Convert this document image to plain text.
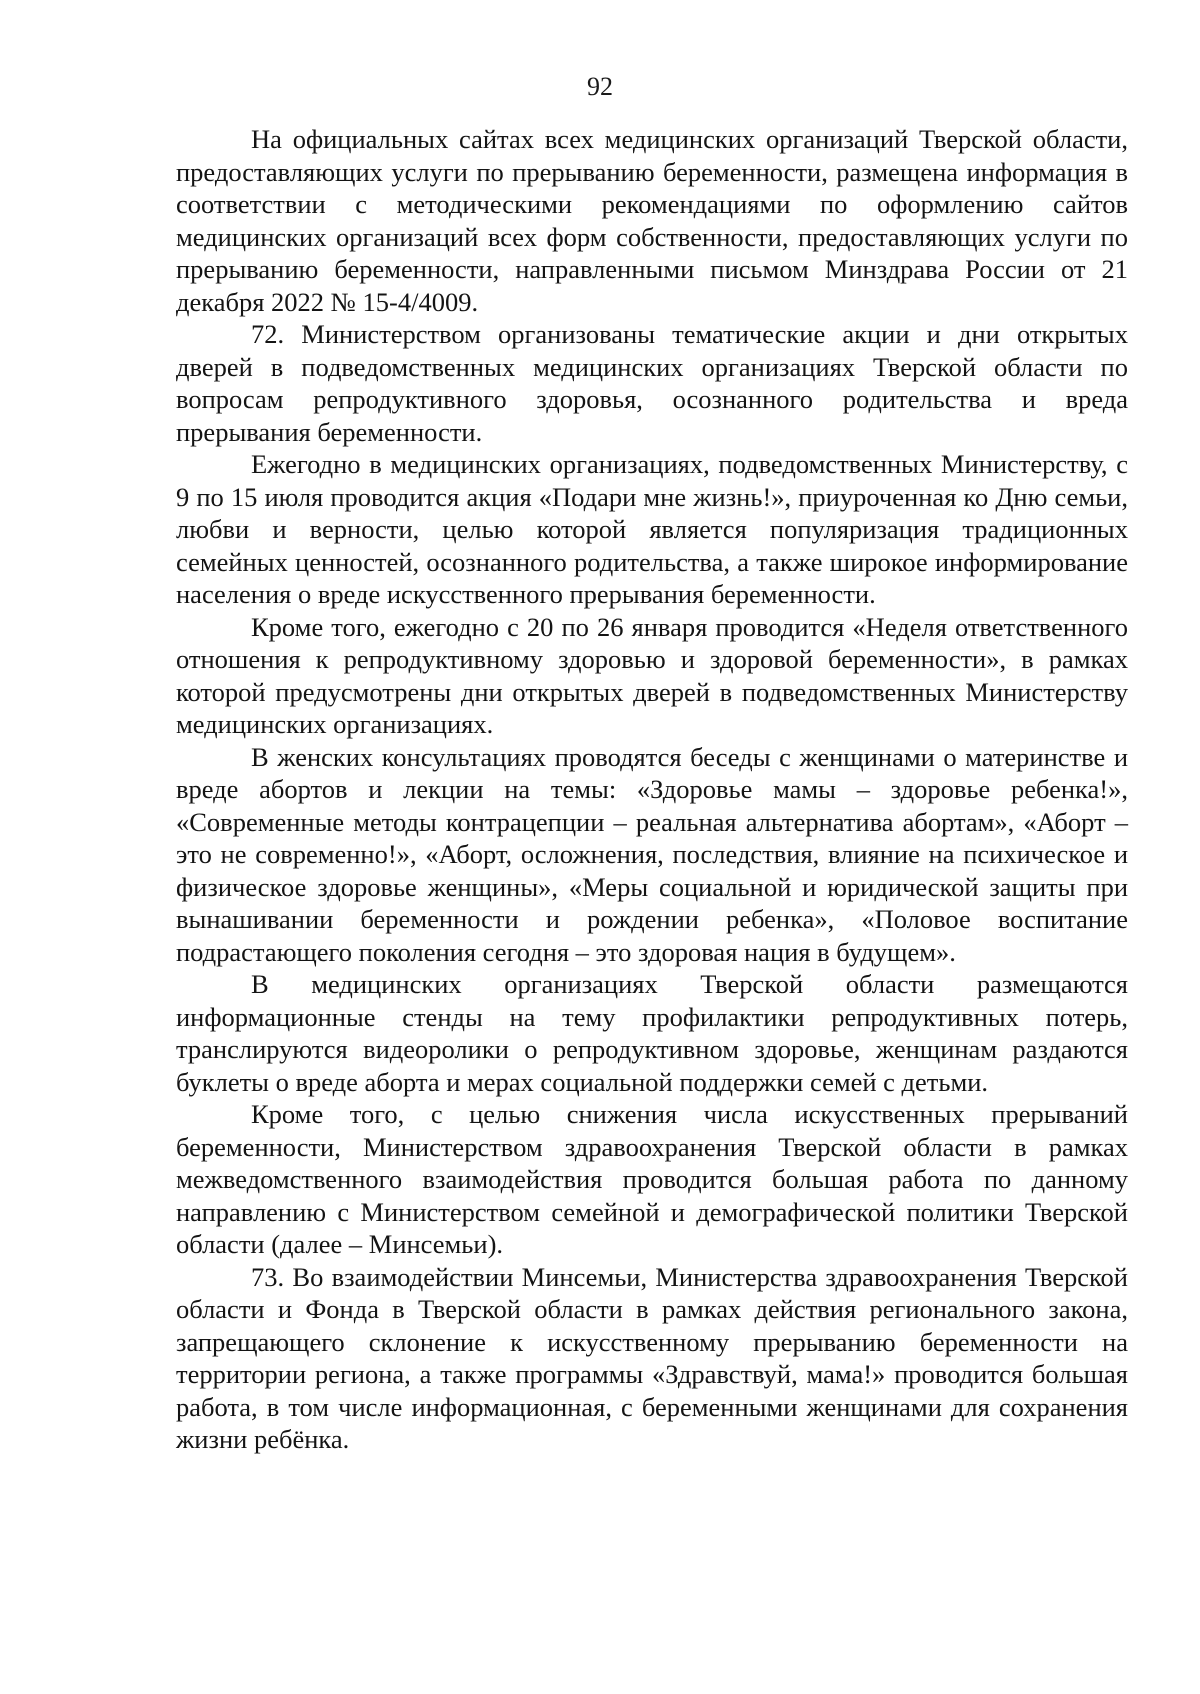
92

На официальных сайтах всех медицинских организаций Тверской области, предоставляющих услуги по прерыванию беременности, размещена информация в соответствии с методическими рекомендациями по оформлению сайтов медицинских организаций всех форм собственности, предоставляющих услуги по прерыванию беременности, направленными письмом Минздрава России от 21 декабря 2022 № 15-4/4009.

72. Министерством организованы тематические акции и дни открытых дверей в подведомственных медицинских организациях Тверской области по вопросам репродуктивного здоровья, осознанного родительства и вреда прерывания беременности.

Ежегодно в медицинских организациях, подведомственных Министерству, с 9 по 15 июля проводится акция «Подари мне жизнь!», приуроченная ко Дню семьи, любви и верности, целью которой является популяризация традиционных семейных ценностей, осознанного родительства, а также широкое информирование населения о вреде искусственного прерывания беременности.

Кроме того, ежегодно с 20 по 26 января проводится «Неделя ответственного отношения к репродуктивному здоровью и здоровой беременности», в рамках которой предусмотрены дни открытых дверей в подведомственных Министерству медицинских организациях.

В женских консультациях проводятся беседы с женщинами о материнстве и вреде абортов и лекции на темы: «Здоровье мамы – здоровье ребенка!», «Современные методы контрацепции – реальная альтернатива абортам», «Аборт – это не современно!», «Аборт, осложнения, последствия, влияние на психическое и физическое здоровье женщины», «Меры социальной и юридической защиты при вынашивании беременности и рождении ребенка», «Половое воспитание подрастающего поколения сегодня – это здоровая нация в будущем».

В медицинских организациях Тверской области размещаются информационные стенды на тему профилактики репродуктивных потерь, транслируются видеоролики о репродуктивном здоровье, женщинам раздаются буклеты о вреде аборта и мерах социальной поддержки семей с детьми.

Кроме того, с целью снижения числа искусственных прерываний беременности, Министерством здравоохранения Тверской области в рамках межведомственного взаимодействия проводится большая работа по данному направлению с Министерством семейной и демографической политики Тверской области (далее – Минсемьи).

73. Во взаимодействии Минсемьи, Министерства здравоохранения Тверской области и Фонда в Тверской области в рамках действия регионального закона, запрещающего склонение к искусственному прерыванию беременности на территории региона, а также программы «Здравствуй, мама!» проводится большая работа, в том числе информационная, с беременными женщинами для сохранения жизни ребёнка.
